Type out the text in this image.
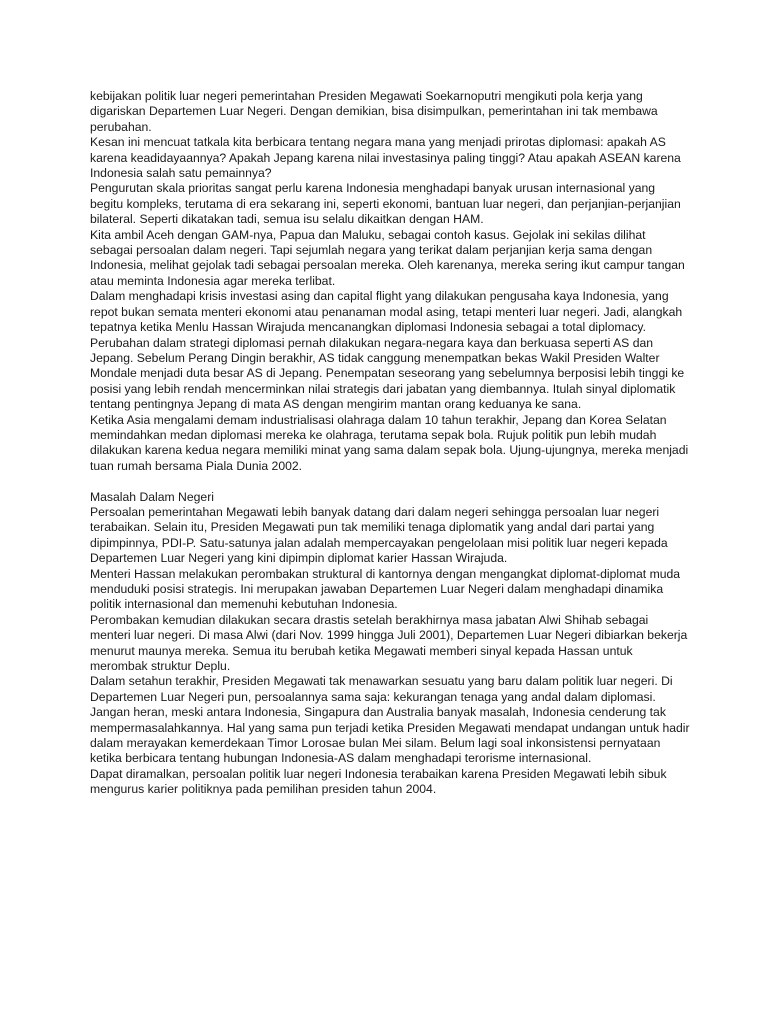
kebijakan politik luar negeri pemerintahan Presiden Megawati Soekarnoputri mengikuti pola kerja yang digariskan Departemen Luar Negeri. Dengan demikian, bisa disimpulkan, pemerintahan ini tak membawa perubahan.

Kesan ini mencuat tatkala kita berbicara tentang negara mana yang menjadi prirotas diplomasi: apakah AS karena keadidayaannya? Apakah Jepang karena nilai investasinya paling tinggi? Atau apakah ASEAN karena Indonesia salah satu pemainnya?

Pengurutan skala prioritas sangat perlu karena Indonesia menghadapi banyak urusan internasional yang begitu kompleks, terutama di era sekarang ini, seperti ekonomi, bantuan luar negeri, dan perjanjian-perjanjian bilateral. Seperti dikatakan tadi, semua isu selalu dikaitkan dengan HAM.

Kita ambil Aceh dengan GAM-nya, Papua dan Maluku, sebagai contoh kasus. Gejolak ini sekilas dilihat sebagai persoalan dalam negeri. Tapi sejumlah negara yang terikat dalam perjanjian kerja sama dengan Indonesia, melihat gejolak tadi sebagai persoalan mereka. Oleh karenanya, mereka sering ikut campur tangan atau meminta Indonesia agar mereka terlibat.

Dalam menghadapi krisis investasi asing dan capital flight yang dilakukan pengusaha kaya Indonesia, yang repot bukan semata menteri ekonomi atau penanaman modal asing, tetapi menteri luar negeri. Jadi, alangkah tepatnya ketika Menlu Hassan Wirajuda mencanangkan diplomasi Indonesia sebagai a total diplomacy.

Perubahan dalam strategi diplomasi pernah dilakukan negara-negara kaya dan berkuasa seperti AS dan Jepang. Sebelum Perang Dingin berakhir, AS tidak canggung menempatkan bekas Wakil Presiden Walter Mondale menjadi duta besar AS di Jepang. Penempatan seseorang yang sebelumnya berposisi lebih tinggi ke posisi yang lebih rendah mencerminkan nilai strategis dari jabatan yang diembannya. Itulah sinyal diplomatik tentang pentingnya Jepang di mata AS dengan mengirim mantan orang keduanya ke sana.

Ketika Asia mengalami demam industrialisasi olahraga dalam 10 tahun terakhir, Jepang dan Korea Selatan memindahkan medan diplomasi mereka ke olahraga, terutama sepak bola. Rujuk politik pun lebih mudah dilakukan karena kedua negara memiliki minat yang sama dalam sepak bola. Ujung-ujungnya, mereka menjadi tuan rumah bersama Piala Dunia 2002.

Masalah Dalam Negeri

Persoalan pemerintahan Megawati lebih banyak datang dari dalam negeri sehingga persoalan luar negeri terabaikan. Selain itu, Presiden Megawati pun tak memiliki tenaga diplomatik yang andal dari partai yang dipimpinnya, PDI-P. Satu-satunya jalan adalah mempercayakan pengelolaan misi politik luar negeri kepada Departemen Luar Negeri yang kini dipimpin diplomat karier Hassan Wirajuda.

Menteri Hassan melakukan perombakan struktural di kantornya dengan mengangkat diplomat-diplomat muda menduduki posisi strategis. Ini merupakan jawaban Departemen Luar Negeri dalam menghadapi dinamika politik internasional dan memenuhi kebutuhan Indonesia.

Perombakan kemudian dilakukan secara drastis setelah berakhirnya masa jabatan Alwi Shihab sebagai menteri luar negeri. Di masa Alwi (dari Nov. 1999 hingga Juli 2001), Departemen Luar Negeri dibiarkan bekerja menurut maunya mereka. Semua itu berubah ketika Megawati memberi sinyal kepada Hassan untuk merombak struktur Deplu.

Dalam setahun terakhir, Presiden Megawati tak menawarkan sesuatu yang baru dalam politik luar negeri. Di Departemen Luar Negeri pun, persoalannya sama saja: kekurangan tenaga yang andal dalam diplomasi. Jangan heran, meski antara Indonesia, Singapura dan Australia banyak masalah, Indonesia cenderung tak mempermasalahkannya. Hal yang sama pun terjadi ketika Presiden Megawati mendapat undangan untuk hadir dalam merayakan kemerdekaan Timor Lorosae bulan Mei silam. Belum lagi soal inkonsistensi pernyataan ketika berbicara tentang hubungan Indonesia-AS dalam menghadapi terorisme internasional.

Dapat diramalkan, persoalan politik luar negeri Indonesia terabaikan karena Presiden Megawati lebih sibuk mengurus karier politiknya pada pemilihan presiden tahun 2004.
